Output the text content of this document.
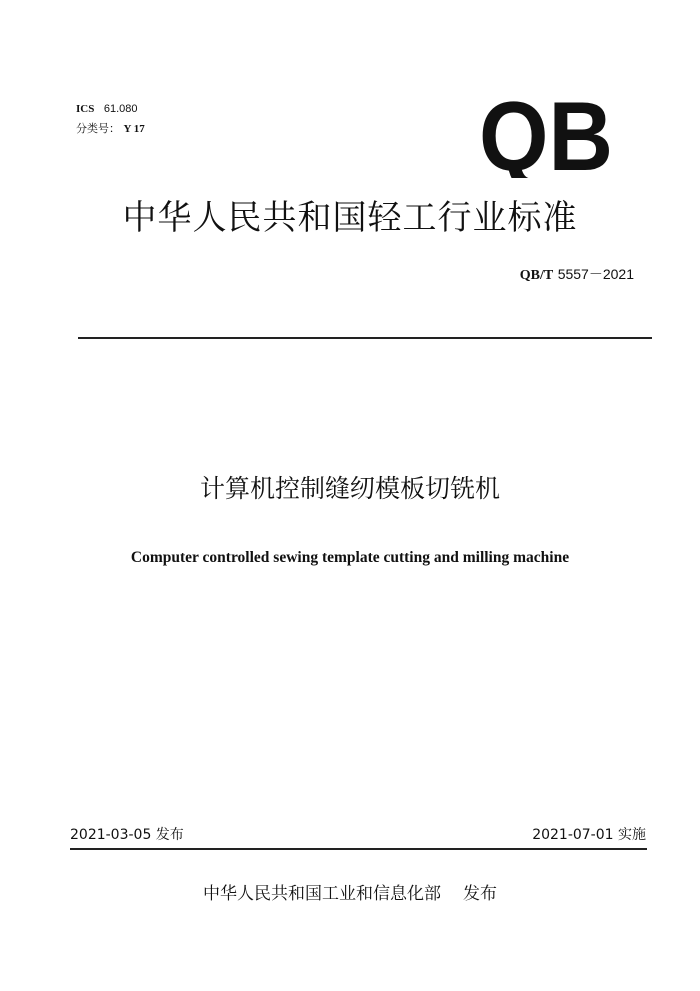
ICS 61.080
分类号： Y 17	QB
中华人民共和国轻工行业标准
QB/T 5557－2021
计算机控制缝纫模板切铣机
Computer controlled sewing template cutting and milling machine
2021-03-05 发布	2021-07-01 实施
中华人民共和国工业和信息化部 发布
